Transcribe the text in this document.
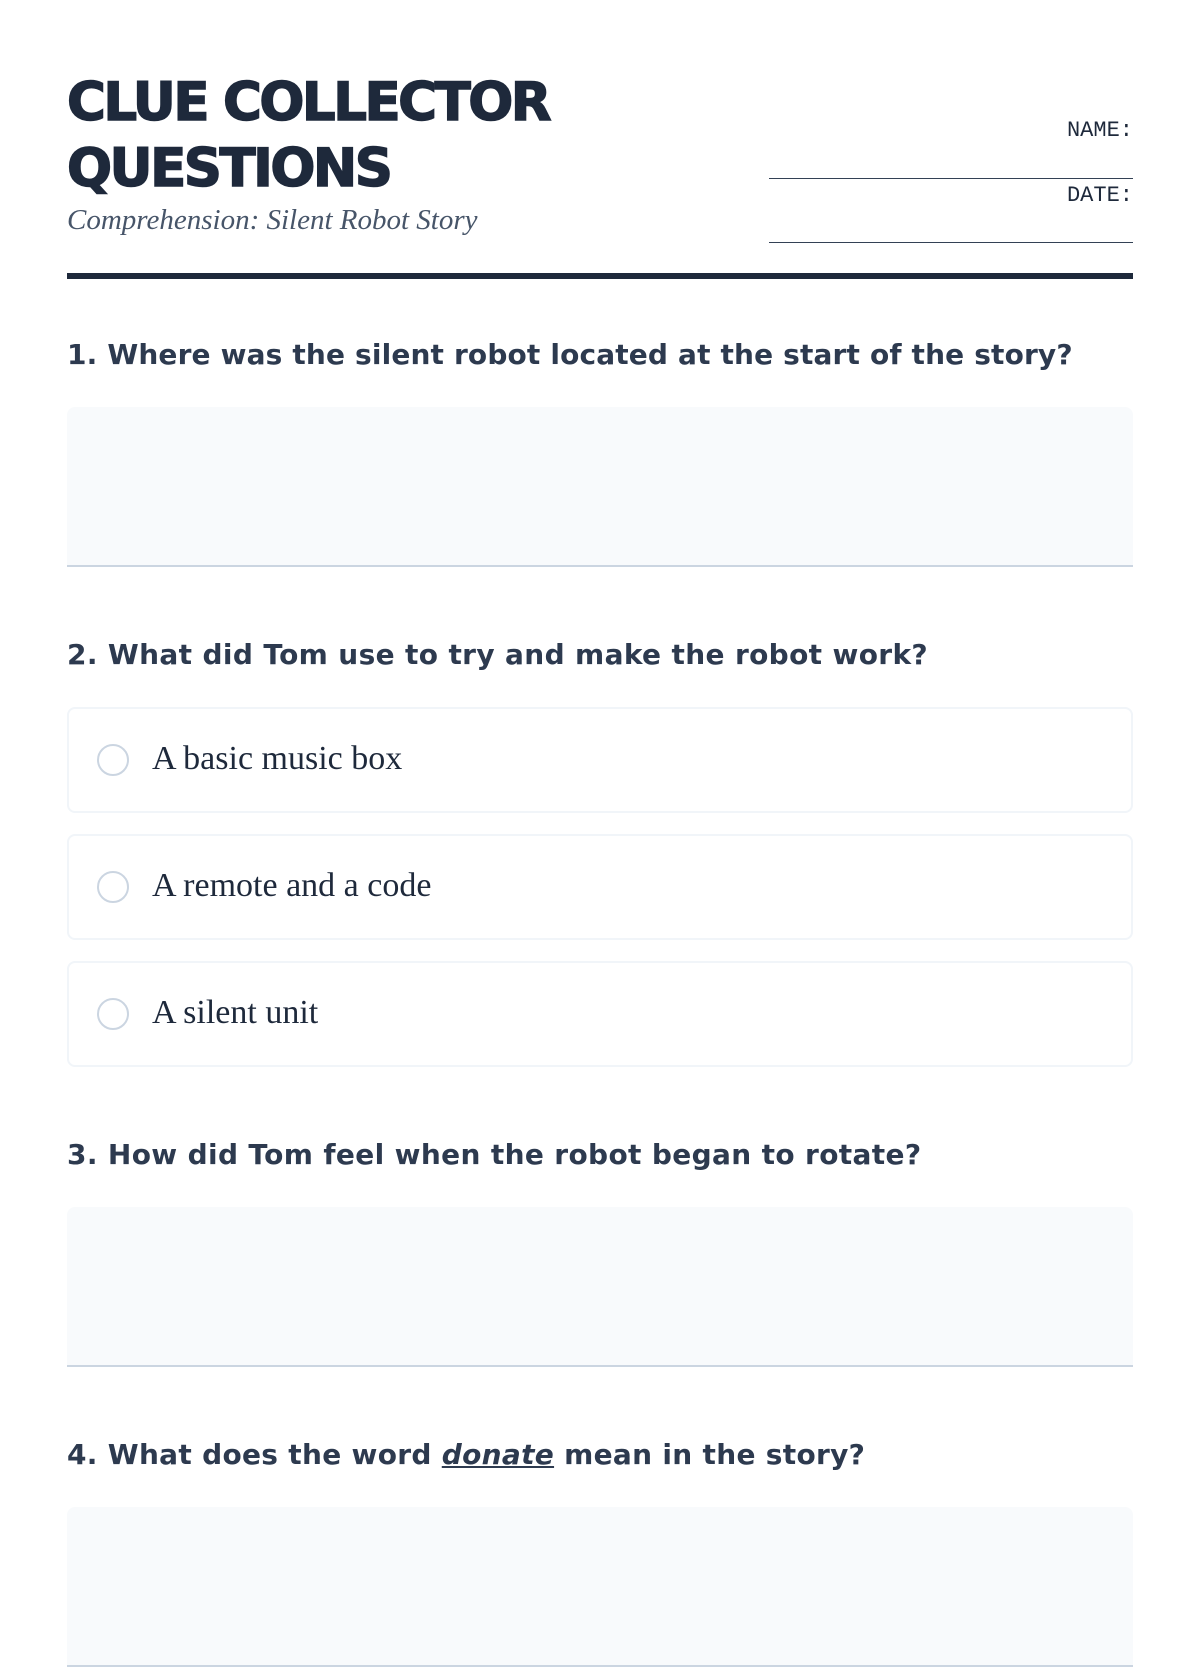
CLUE COLLECTOR
QUESTIONS
Comprehension: Silent Robot Story
NAME:
DATE:
1. Where was the silent robot located at the start of the story?
2. What did Tom use to try and make the robot work?
A basic music box
A remote and a code
A silent unit
3. How did Tom feel when the robot began to rotate?
4. What does the word donate mean in the story?
